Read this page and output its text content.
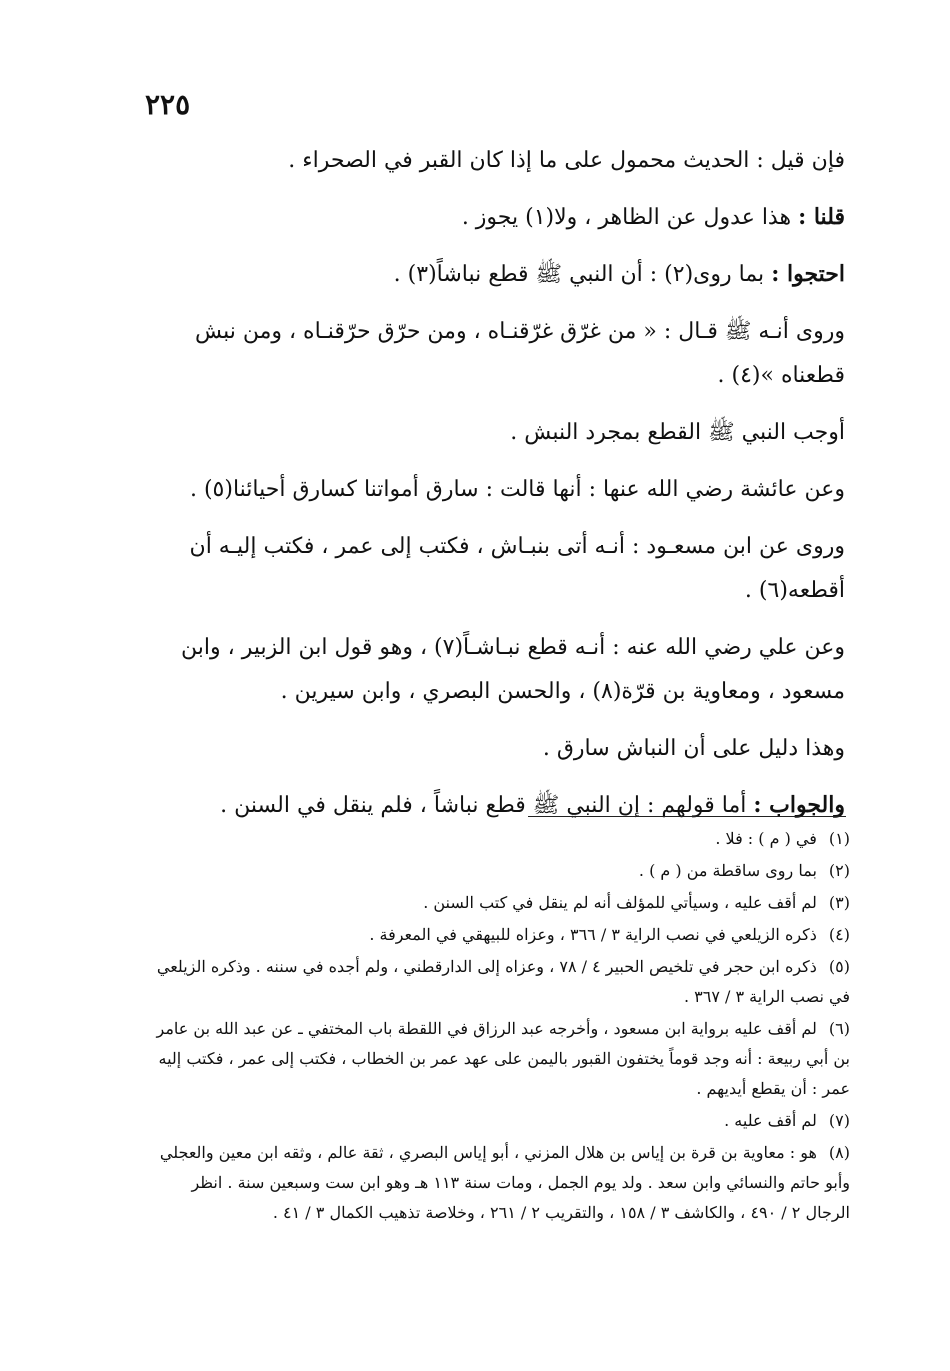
٢٢٥

فإن قيل : الحديث محمول على ما إذا كان القبر في الصحراء .

قلنا : هذا عدول عن الظاهر ، ولا(١) يجوز .

احتجوا : بما روى(٢) : أن النبي ﷺ قطع نباشاً(٣) .

وروى أنـه ﷺ قـال : « من غرّق غرّقنـاه ، ومن حرّق حرّقنـاه ، ومن نبش قطعناه »(٤) .

أوجب النبي ﷺ القطع بمجرد النبش .

وعن عائشة رضي الله عنها : أنها قالت : سارق أمواتنا كسارق أحيائنا(٥) .

وروى عن ابن مسعـود : أنـه أتى بنبـاش ، فكتب إلى عمر ، فكتب إليـه أن أقطعه(٦) .

وعن علي رضي الله عنه : أنـه قطع نبـاشـاً(٧) ، وهو قول ابن الزبير ، وابن مسعود ، ومعاوية بن قرّة(٨) ، والحسن البصري ، وابن سيرين .

وهذا دليل على أن النباش سارق .

والجواب : أما قولهم : إن النبي ﷺ قطع نباشاً ، فلم ينقل في السنن .

(١) في ( م ) : فلا .

(٢) بما روى ساقطة من ( م ) .

(٣) لم أقف عليه ، وسيأتي للمؤلف أنه لم ينقل في كتب السنن .

(٤) ذكره الزيلعي في نصب الراية ٣ / ٣٦٦ ، وعزاه للبيهقي في المعرفة .

(٥) ذكره ابن حجر في تلخيص الحبير ٤ / ٧٨ ، وعزاه إلى الدارقطني ، ولم أجده في سننه . وذكره الزيلعي في نصب الراية ٣ / ٣٦٧ .

(٦) لم أقف عليه برواية ابن مسعود ، وأخرجه عبد الرزاق في اللقطة باب المختفي ـ عن عبد الله بن عامر بن أبي ربيعة : أنه وجد قوماً يختفون القبور باليمن على عهد عمر بن الخطاب ، فكتب إلى عمر ، فكتب إليه عمر : أن يقطع أيديهم .

(٧) لم أقف عليه .

(٨) هو : معاوية بن قرة بن إياس بن هلال المزني ، أبو إياس البصري ، ثقة عالم ، وثقه ابن معين والعجلي وأبو حاتم والنسائي وابن سعد . ولد يوم الجمل ، ومات سنة ١١٣ هـ وهو ابن ست وسبعين سنة . انظر الرجال ٢ / ٤٩٠ ، والكاشف ٣ / ١٥٨ ، والتقريب ٢ / ٢٦١ ، وخلاصة تذهيب الكمال ٣ / ٤١ .
